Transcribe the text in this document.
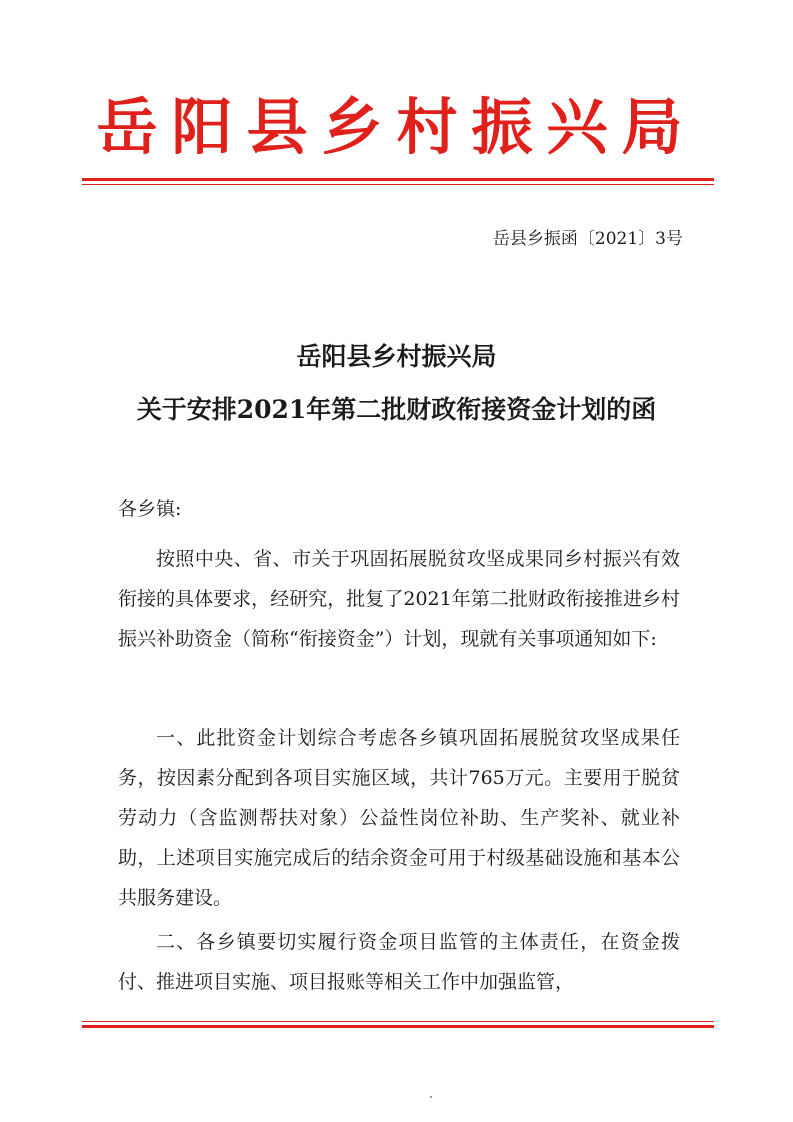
岳阳县乡村振兴局
岳县乡振函〔2021〕3号
岳阳县乡村振兴局
关于安排2021年第二批财政衔接资金计划的函
各乡镇:

按照中央、省、市关于巩固拓展脱贫攻坚成果同乡村振兴有效衔接的具体要求，经研究，批复了2021年第二批财政衔接推进乡村振兴补助资金（简称“衔接资金”）计划，现就有关事项通知如下:

一、此批资金计划综合考虑各乡镇巩固拓展脱贫攻坚成果任务，按因素分配到各项目实施区域，共计765万元。主要用于脱贫劳动力（含监测帮扶对象）公益性岗位补助、生产奖补、就业补助，上述项目实施完成后的结余资金可用于村级基础设施和基本公共服务建设。

二、各乡镇要切实履行资金项目监管的主体责任，在资金拨付、推进项目实施、项目报账等相关工作中加强监管，
